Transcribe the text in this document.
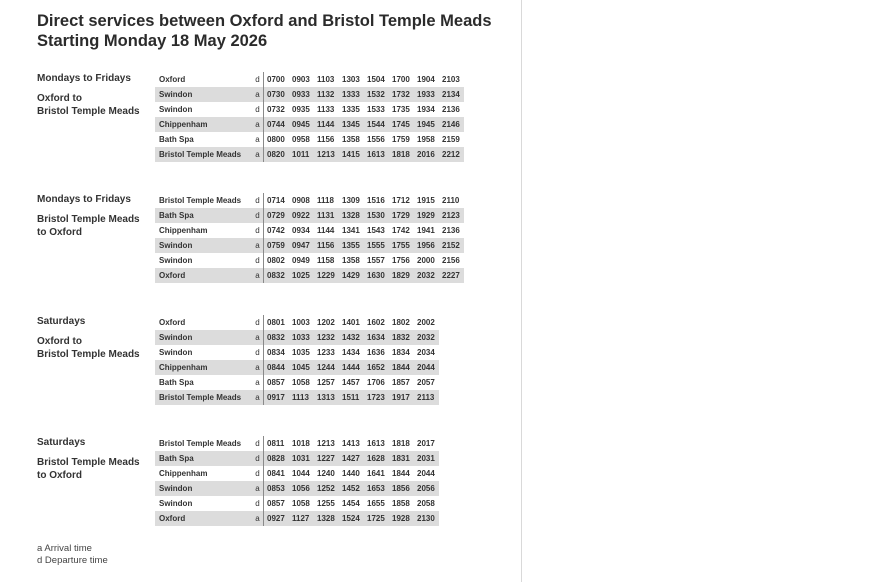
Direct services between Oxford and Bristol Temple Meads
Starting Monday 18 May 2026
Mondays to Fridays
Oxford to
Bristol Temple Meads
Oxford	d	0700	0903	1103	1303	1504	1700	1904	2103
Swindon	a	0730	0933	1132	1333	1532	1732	1933	2134
Swindon	d	0732	0935	1133	1335	1533	1735	1934	2136
Chippenham	a	0744	0945	1144	1345	1544	1745	1945	2146
Bath Spa	a	0800	0958	1156	1358	1556	1759	1958	2159
Bristol Temple Meads	a	0820	1011	1213	1415	1613	1818	2016	2212
Mondays to Fridays
Bristol Temple Meads
to Oxford
Bristol Temple Meads	d	0714	0908	1118	1309	1516	1712	1915	2110
Bath Spa	d	0729	0922	1131	1328	1530	1729	1929	2123
Chippenham	d	0742	0934	1144	1341	1543	1742	1941	2136
Swindon	a	0759	0947	1156	1355	1555	1755	1956	2152
Swindon	d	0802	0949	1158	1358	1557	1756	2000	2156
Oxford	a	0832	1025	1229	1429	1630	1829	2032	2227
Saturdays
Oxford to
Bristol Temple Meads
Oxford	d	0801	1003	1202	1401	1602	1802	2002
Swindon	a	0832	1033	1232	1432	1634	1832	2032
Swindon	d	0834	1035	1233	1434	1636	1834	2034
Chippenham	a	0844	1045	1244	1444	1652	1844	2044
Bath Spa	a	0857	1058	1257	1457	1706	1857	2057
Bristol Temple Meads	a	0917	1113	1313	1511	1723	1917	2113
Saturdays
Bristol Temple Meads
to Oxford
Bristol Temple Meads	d	0811	1018	1213	1413	1613	1818	2017
Bath Spa	d	0828	1031	1227	1427	1628	1831	2031
Chippenham	d	0841	1044	1240	1440	1641	1844	2044
Swindon	a	0853	1056	1252	1452	1653	1856	2056
Swindon	d	0857	1058	1255	1454	1655	1858	2058
Oxford	a	0927	1127	1328	1524	1725	1928	2130
a Arrival time
d Departure time
